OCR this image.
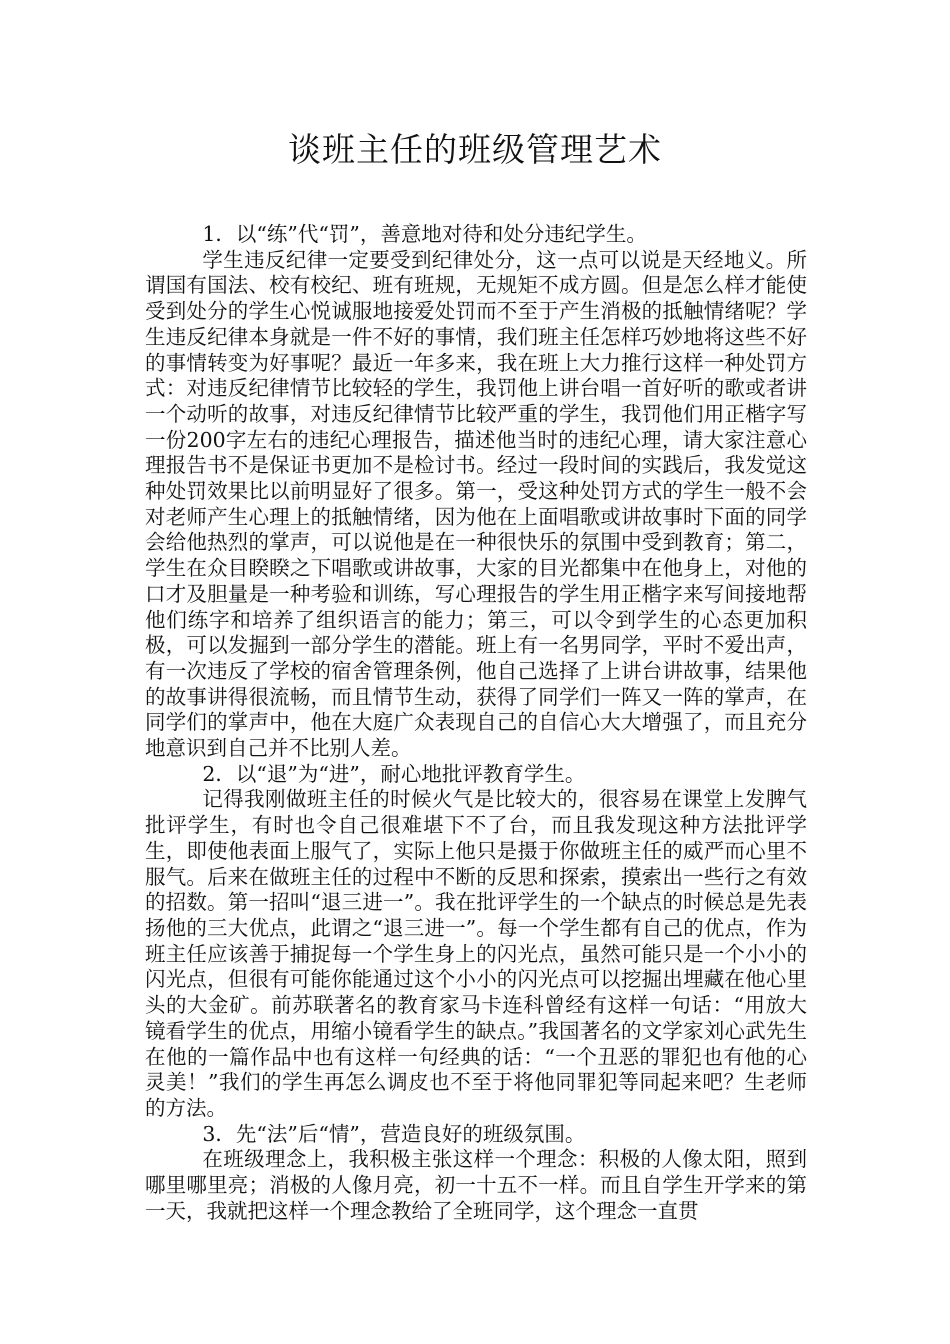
谈班主任的班级管理艺术

1．以“练”代“罚”，善意地对待和处分违纪学生。

学生违反纪律一定要受到纪律处分，这一点可以说是天经地义。所谓国有国法、校有校纪、班有班规，无规矩不成方圆。但是怎么样才能使受到处分的学生心悦诚服地接爱处罚而不至于产生消极的抵触情绪呢？学生违反纪律本身就是一件不好的事情，我们班主任怎样巧妙地将这些不好的事情转变为好事呢？最近一年多来，我在班上大力推行这样一种处罚方式：对违反纪律情节比较轻的学生，我罚他上讲台唱一首好听的歌或者讲一个动听的故事，对违反纪律情节比较严重的学生，我罚他们用正楷字写一份200字左右的违纪心理报告，描述他当时的违纪心理，请大家注意心理报告书不是保证书更加不是检讨书。经过一段时间的实践后，我发觉这种处罚效果比以前明显好了很多。第一，受这种处罚方式的学生一般不会对老师产生心理上的抵触情绪，因为他在上面唱歌或讲故事时下面的同学会给他热烈的掌声，可以说他是在一种很快乐的氛围中受到教育；第二，学生在众目睽睽之下唱歌或讲故事，大家的目光都集中在他身上，对他的口才及胆量是一种考验和训练，写心理报告的学生用正楷字来写间接地帮他们练字和培养了组织语言的能力；第三，可以令到学生的心态更加积极，可以发掘到一部分学生的潜能。班上有一名男同学，平时不爱出声，有一次违反了学校的宿舍管理条例，他自己选择了上讲台讲故事，结果他的故事讲得很流畅，而且情节生动，获得了同学们一阵又一阵的掌声，在同学们的掌声中，他在大庭广众表现自己的自信心大大增强了，而且充分地意识到自己并不比别人差。

2．以“退”为“进”，耐心地批评教育学生。

记得我刚做班主任的时候火气是比较大的，很容易在课堂上发脾气批评学生，有时也令自己很难堪下不了台，而且我发现这种方法批评学生，即使他表面上服气了，实际上他只是摄于你做班主任的威严而心里不服气。后来在做班主任的过程中不断的反思和探索，摸索出一些行之有效的招数。第一招叫“退三进一”。我在批评学生的一个缺点的时候总是先表扬他的三大优点，此谓之“退三进一”。每一个学生都有自己的优点，作为班主任应该善于捕捉每一个学生身上的闪光点，虽然可能只是一个小小的闪光点，但很有可能你能通过这个小小的闪光点可以挖掘出埋藏在他心里头的大金矿。前苏联著名的教育家马卡连科曾经有这样一句话：“用放大镜看学生的优点，用缩小镜看学生的缺点。”我国著名的文学家刘心武先生在他的一篇作品中也有这样一句经典的话：“一个丑恶的罪犯也有他的心灵美！”我们的学生再怎么调皮也不至于将他同罪犯等同起来吧？生老师的方法。

3．先“法”后“情”，营造良好的班级氛围。

在班级理念上，我积极主张这样一个理念：积极的人像太阳，照到哪里哪里亮；消极的人像月亮，初一十五不一样。而且自学生开学来的第一天，我就把这样一个理念教给了全班同学，这个理念一直贯
